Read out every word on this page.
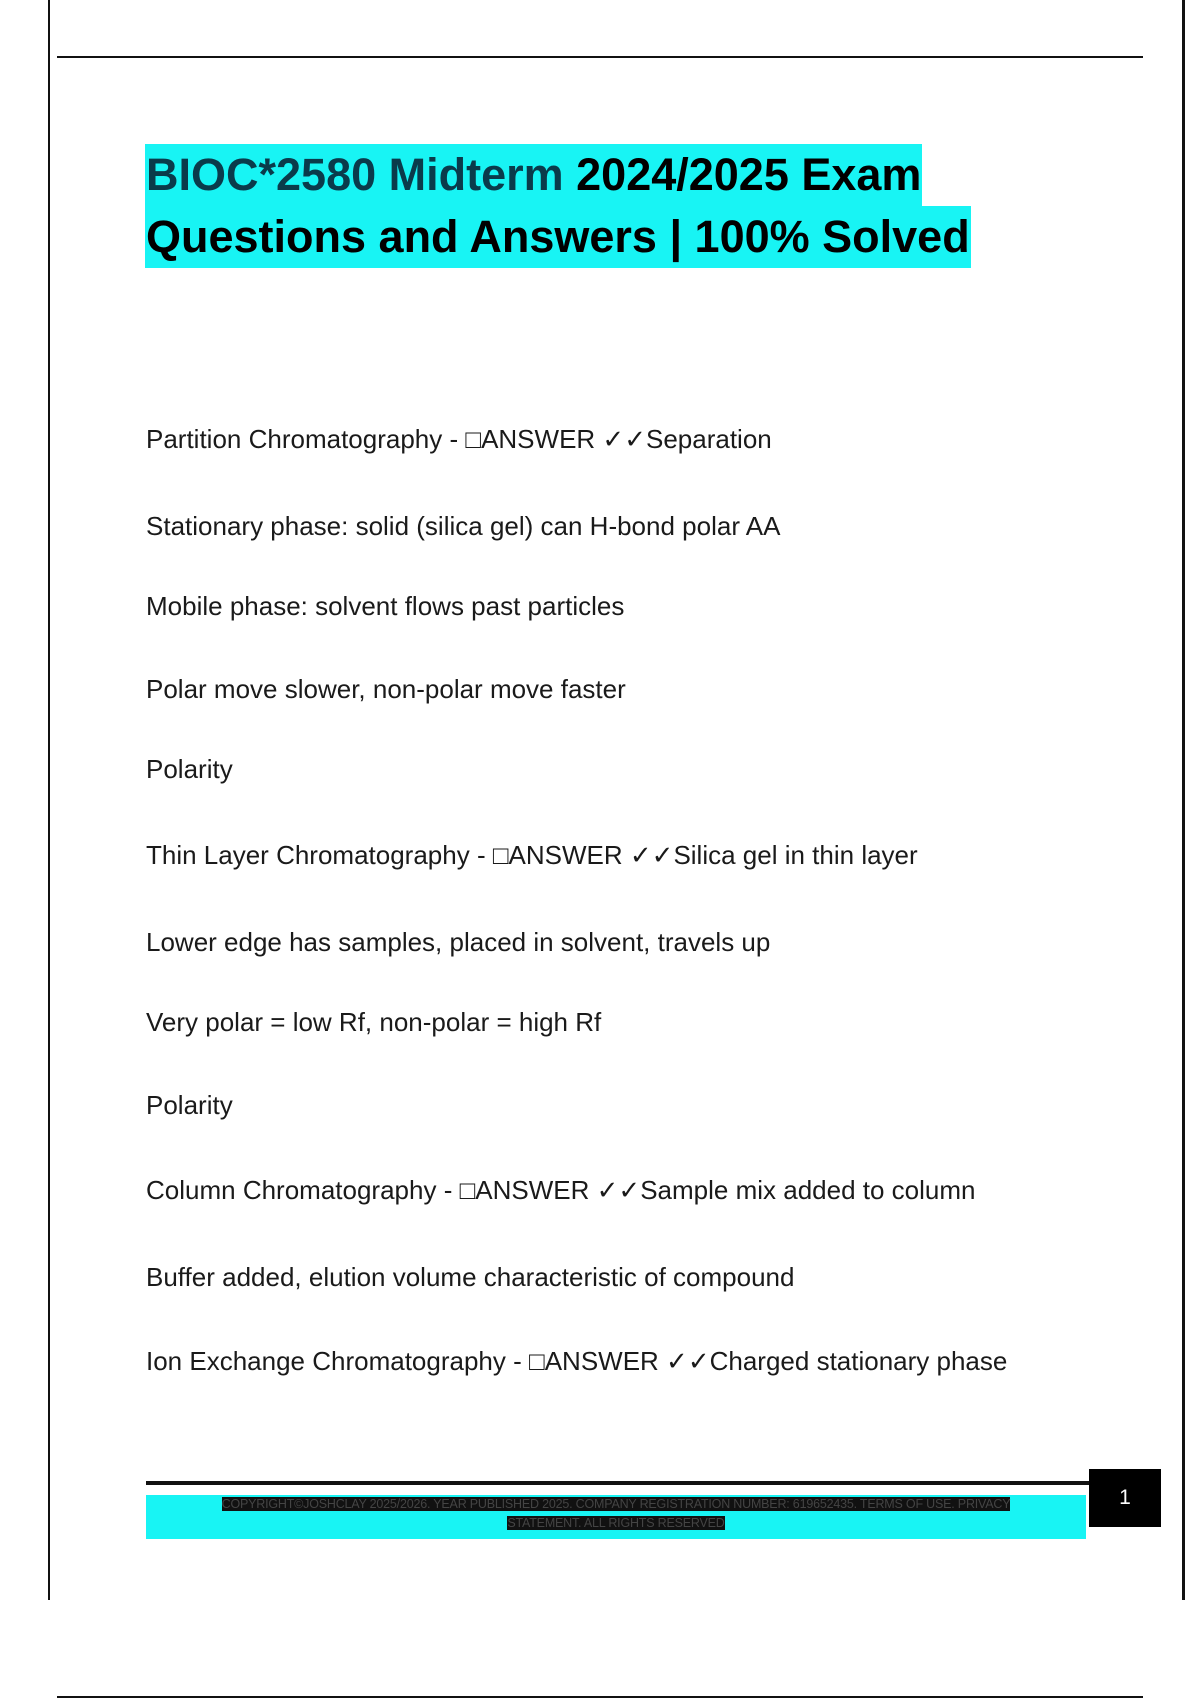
BIOC*2580 Midterm 2024/2025 Exam
Questions and Answers | 100% Solved
Partition Chromatography - □ANSWER ✓✓Separation
Stationary phase: solid (silica gel) can H-bond polar AA
Mobile phase: solvent flows past particles
Polar move slower, non-polar move faster
Polarity
Thin Layer Chromatography - □ANSWER ✓✓Silica gel in thin layer
Lower edge has samples, placed in solvent, travels up
Very polar = low Rf, non-polar = high Rf
Polarity
Column Chromatography - □ANSWER ✓✓Sample mix added to column
Buffer added, elution volume characteristic of compound
Ion Exchange Chromatography - □ANSWER ✓✓Charged stationary phase
COPYRIGHT©JOSHCLAY 2025/2026. YEAR PUBLISHED 2025. COMPANY REGISTRATION NUMBER: 619652435. TERMS OF USE. PRIVACY
STATEMENT. ALL RIGHTS RESERVED
1
